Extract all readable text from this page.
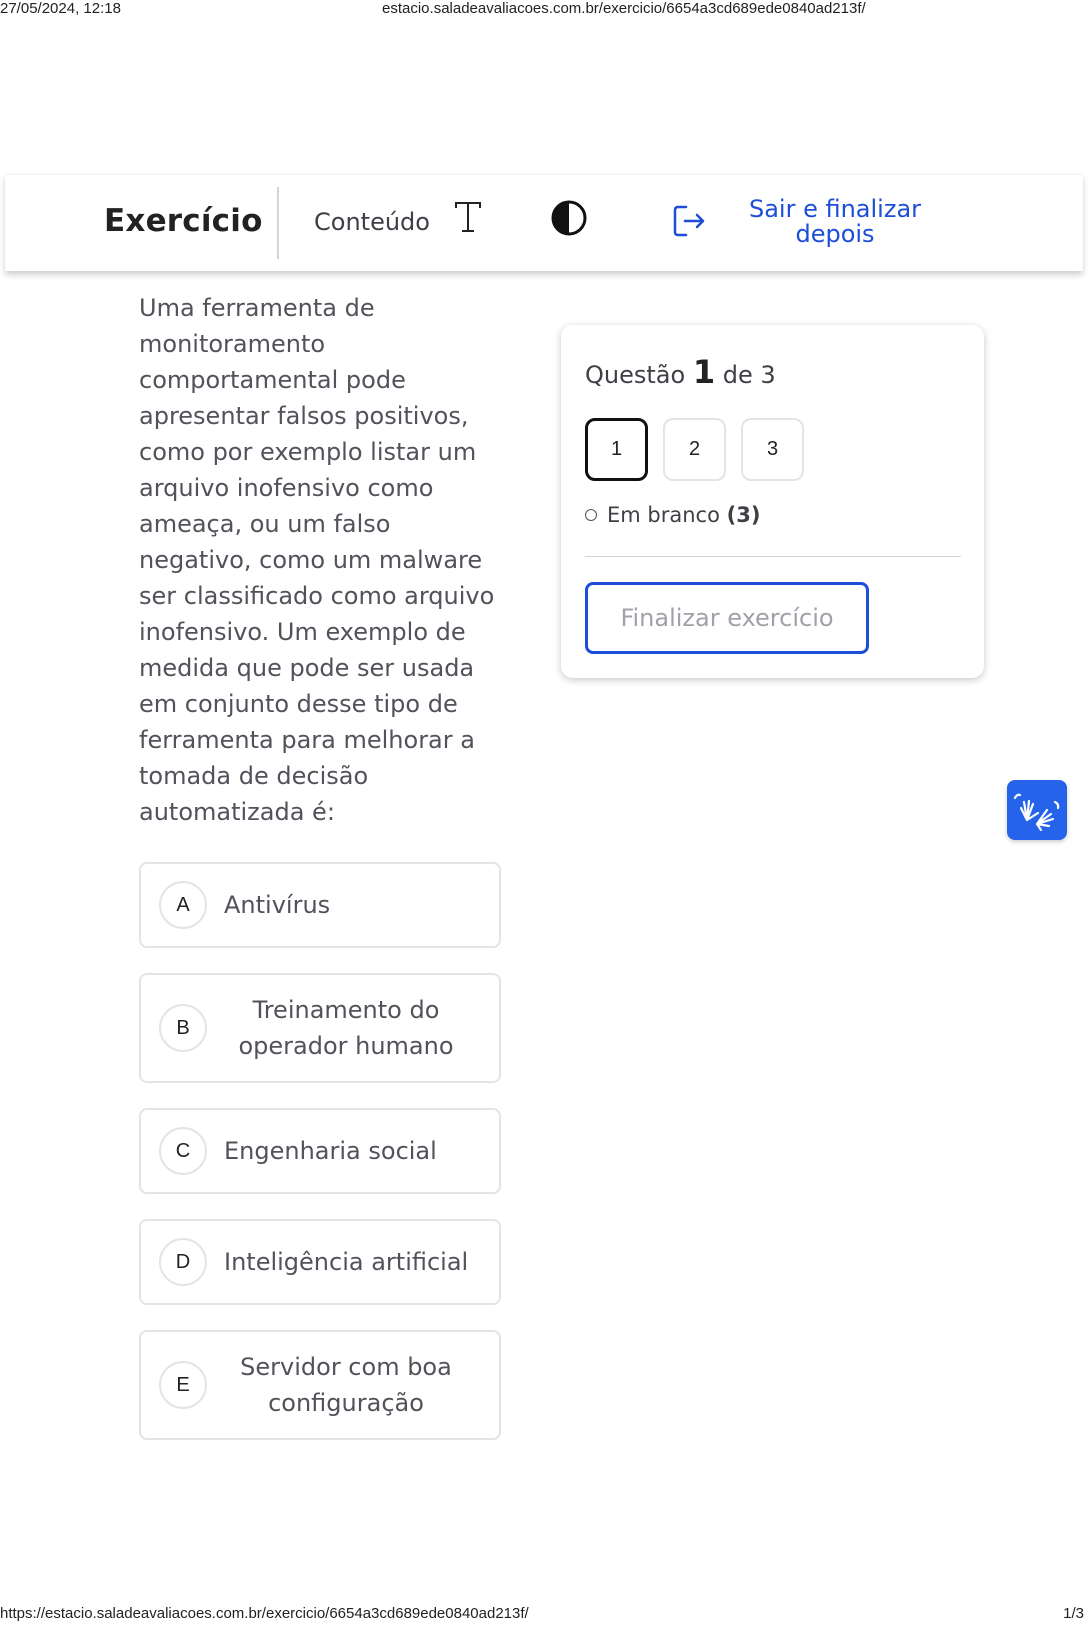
27/05/2024, 12:18	estacio.saladeavaliacoes.com.br/exercicio/6654a3cd689ede0840ad213f/
Exercício Conteúdo	Sair e finalizar
depois

Uma ferramenta de monitoramento comportamental pode apresentar falsos positivos, como por exemplo listar um arquivo inofensivo como ameaça, ou um falso negativo, como um malware ser classificado como arquivo inofensivo. Um exemplo de medida que pode ser usada em conjunto desse tipo de ferramenta para melhorar a tomada de decisão automatizada é:

A	Antivírus
B
Treinamento do
operador humano
C	Engenharia social
D	Inteligência artificial
E
Servidor com boa
configuração
Questão 1 de 3
1	2	3
Em branco (3)
Finalizar exercício
https://estacio.saladeavaliacoes.com.br/exercicio/6654a3cd689ede0840ad213f/	1/3
